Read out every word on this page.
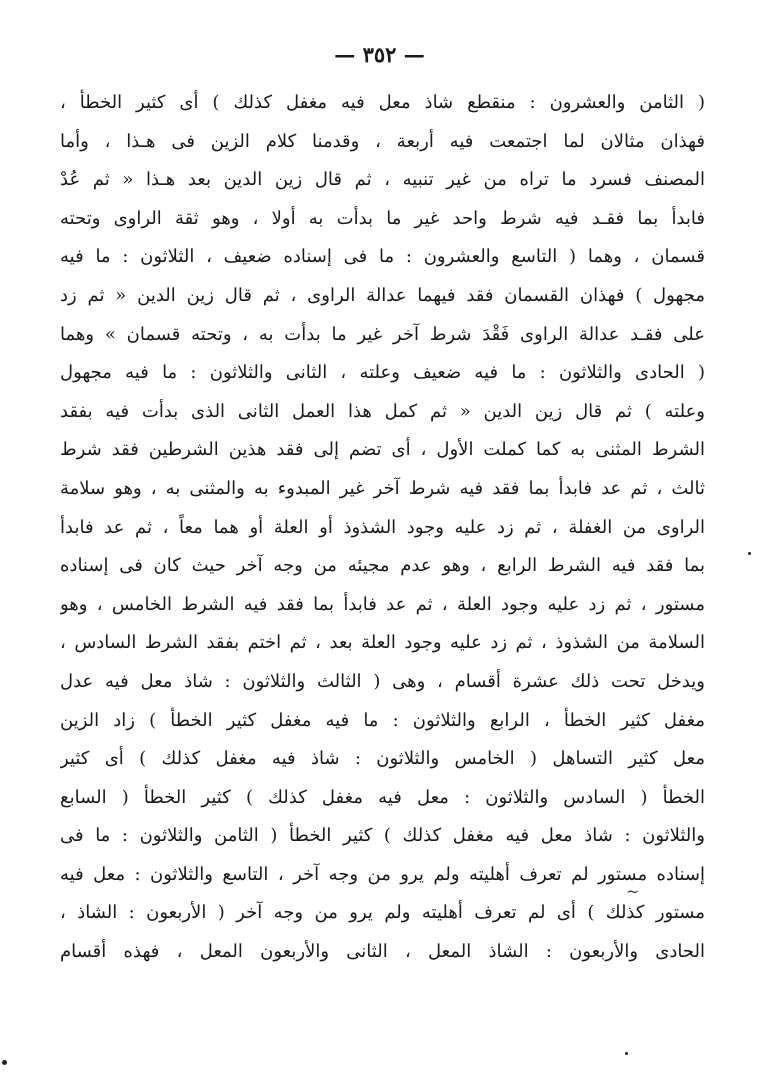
— ٣٥٢ —
( الثامن والعشرون : منقطع شاذ معل فيه مغفل كذلك ) أى كثير الخطأ ،
فهذان مثالان لما اجتمعت فيه أربعة ، وقدمنا كلام الزين فى هـذا ، وأما
المصنف فسرد ما تراه من غير تنبيه ، ثم قال زين الدين بعد هـذا « ثم عُدْ
فابدأ بما فقـد فيه شرط واحد غير ما بدأت به أولا ، وهو ثقة الراوى وتحته
قسمان ، وهما ( التاسع والعشرون : ما فى إسناده ضعيف ، الثلاثون : ما فيه
مجهول ) فهذان القسمان فقد فيهما عدالة الراوى ، ثم قال زين الدين « ثم زد
على فقـد عدالة الراوى فَقْدَ شرط آخر غير ما بدأت به ، وتحته قسمان » وهما
( الحادى والثلاثون : ما فيه ضعيف وعلته ، الثانى والثلاثون : ما فيه مجهول
وعلته ) ثم قال زين الدين « ثم كمل هذا العمل الثانى الذى بدأت فيه بفقد
الشرط المثنى به كما كملت الأول ، أى تضم إلى فقد هذين الشرطين فقد شرط
ثالث ، ثم عد فابدأ بما فقد فيه شرط آخر غير المبدوء به والمثنى به ، وهو سلامة
الراوى من الغفلة ، ثم زد عليه وجود الشذوذ أو العلة أو هما معاً ، ثم عد فابدأ
بما فقد فيه الشرط الرابع ، وهو عدم مجيئه من وجه آخر حيث كان فى إسناده
مستور ، ثم زد عليه وجود العلة ، ثم عد فابدأ بما فقد فيه الشرط الخامس ، وهو
السلامة من الشذوذ ، ثم زد عليه وجود العلة بعد ، ثم اختم بفقد الشرط السادس ،
ويدخل تحت ذلك عشرة أقسام ، وهى ( الثالث والثلاثون : شاذ معل فيه عدل
مغفل كثير الخطأ ، الرابع والثلاثون : ما فيه مغفل كثير الخطأ ) زاد الزين
معل كثير التساهل ( الخامس والثلاثون : شاذ فيه مغفل كذلك ) أى كثير
الخطأ ( السادس والثلاثون : معل فيه مغفل كذلك ) كثير الخطأ ( السابع
والثلاثون : شاذ معل فيه مغفل كذلك ) كثير الخطأ ( الثامن والثلاثون : ما فى
إسناده مستور لم تعرف أهليته ولم يرو من وجه آخر ، التاسع والثلاثون : معل فيه
مستور كذلك ) أى لم تعرف أهليته ولم يرو من وجه آخر ( الأربعون : الشاذ ،
الحادى والأربعون : الشاذ المعل ، الثانى والأربعون المعل ، فهذه أقسام
~
